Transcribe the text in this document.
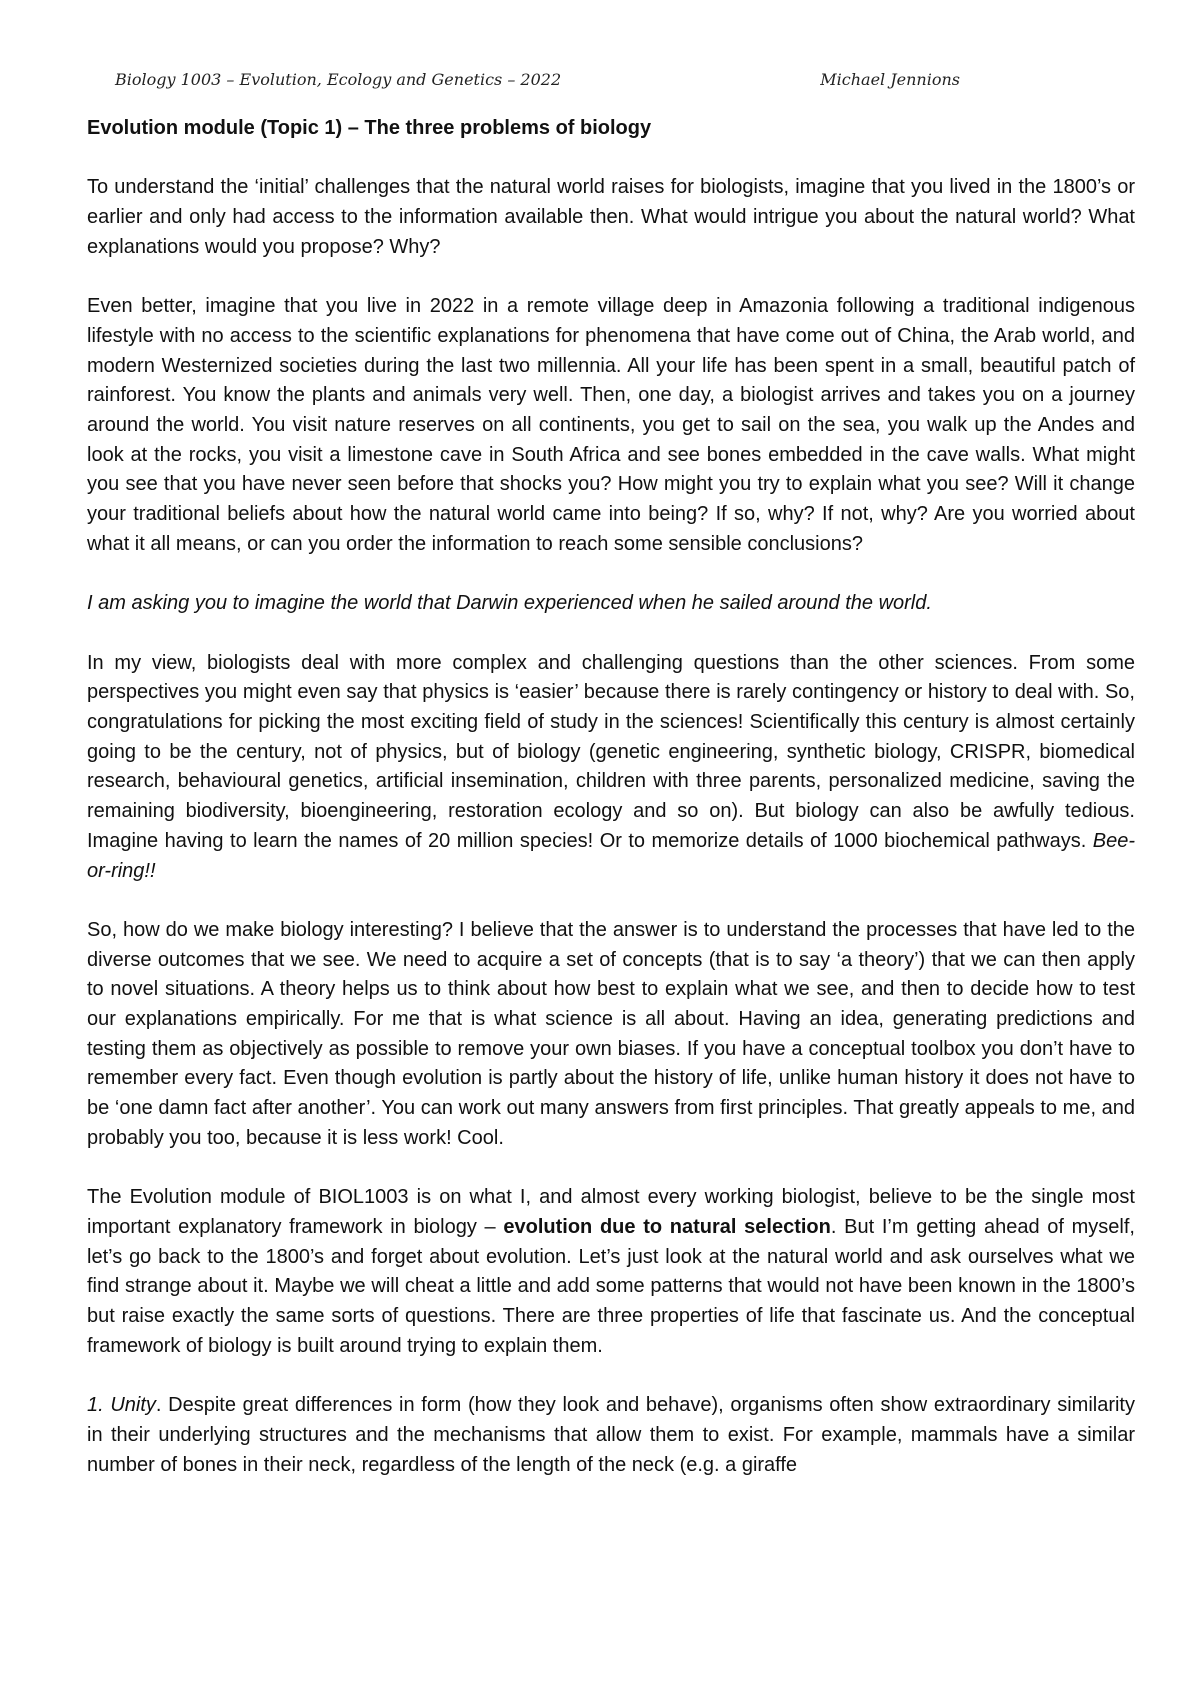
Biology 1003 – Evolution, Ecology and Genetics – 2022	Michael Jennions
Evolution module (Topic 1) – The three problems of biology

To understand the ‘initial’ challenges that the natural world raises for biologists, imagine that you lived in the 1800’s or earlier and only had access to the information available then. What would intrigue you about the natural world? What explanations would you propose? Why?

Even better, imagine that you live in 2022 in a remote village deep in Amazonia following a traditional indigenous lifestyle with no access to the scientific explanations for phenomena that have come out of China, the Arab world, and modern Westernized societies during the last two millennia. All your life has been spent in a small, beautiful patch of rainforest. You know the plants and animals very well. Then, one day, a biologist arrives and takes you on a journey around the world. You visit nature reserves on all continents, you get to sail on the sea, you walk up the Andes and look at the rocks, you visit a limestone cave in South Africa and see bones embedded in the cave walls. What might you see that you have never seen before that shocks you? How might you try to explain what you see? Will it change your traditional beliefs about how the natural world came into being? If so, why? If not, why? Are you worried about what it all means, or can you order the information to reach some sensible conclusions?

I am asking you to imagine the world that Darwin experienced when he sailed around the world.

In my view, biologists deal with more complex and challenging questions than the other sciences. From some perspectives you might even say that physics is ‘easier’ because there is rarely contingency or history to deal with. So, congratulations for picking the most exciting field of study in the sciences! Scientifically this century is almost certainly going to be the century, not of physics, but of biology (genetic engineering, synthetic biology, CRISPR, biomedical research, behavioural genetics, artificial insemination, children with three parents, personalized medicine, saving the remaining biodiversity, bioengineering, restoration ecology and so on). But biology can also be awfully tedious. Imagine having to learn the names of 20 million species! Or to memorize details of 1000 biochemical pathways. Bee-or-ring!!

So, how do we make biology interesting? I believe that the answer is to understand the processes that have led to the diverse outcomes that we see. We need to acquire a set of concepts (that is to say ‘a theory’) that we can then apply to novel situations. A theory helps us to think about how best to explain what we see, and then to decide how to test our explanations empirically. For me that is what science is all about. Having an idea, generating predictions and testing them as objectively as possible to remove your own biases. If you have a conceptual toolbox you don’t have to remember every fact. Even though evolution is partly about the history of life, unlike human history it does not have to be ‘one damn fact after another’. You can work out many answers from first principles. That greatly appeals to me, and probably you too, because it is less work! Cool.

The Evolution module of BIOL1003 is on what I, and almost every working biologist, believe to be the single most important explanatory framework in biology – evolution due to natural selection. But I’m getting ahead of myself, let’s go back to the 1800’s and forget about evolution. Let’s just look at the natural world and ask ourselves what we find strange about it. Maybe we will cheat a little and add some patterns that would not have been known in the 1800’s but raise exactly the same sorts of questions. There are three properties of life that fascinate us. And the conceptual framework of biology is built around trying to explain them.

1. Unity. Despite great differences in form (how they look and behave), organisms often show extraordinary similarity in their underlying structures and the mechanisms that allow them to exist. For example, mammals have a similar number of bones in their neck, regardless of the length of the neck (e.g. a giraffe
